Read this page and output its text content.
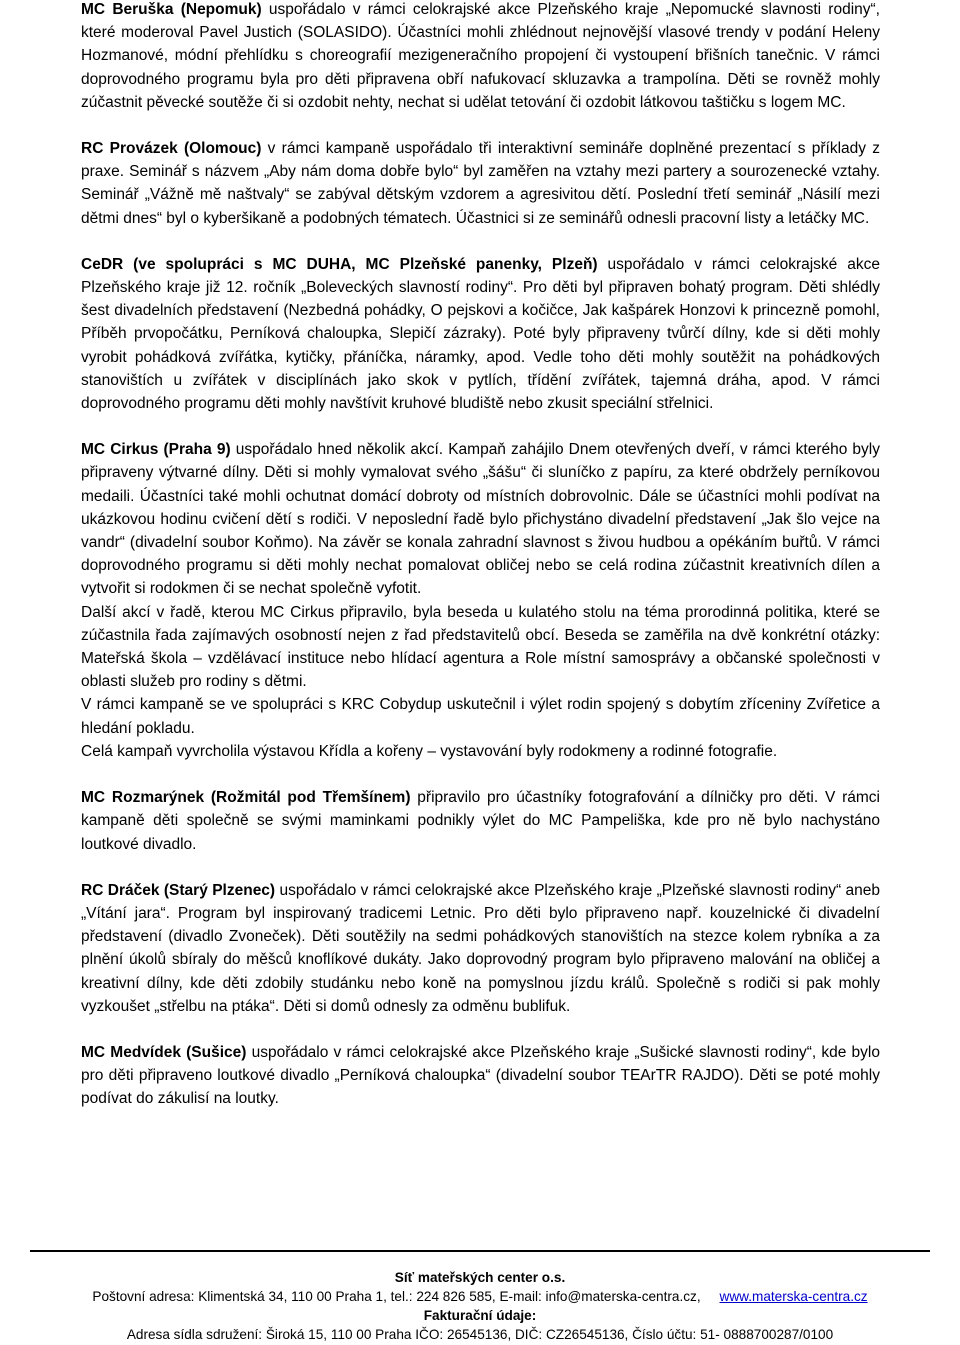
MC Beruška (Nepomuk) uspořádalo v rámci celokrajské akce Plzeňského kraje „Nepomucké slavnosti rodiny“, které moderoval Pavel Justich (SOLASIDO). Účastníci mohli zhlédnout nejnovější vlasové trendy v podání Heleny Hozmanové, módní přehlídku s choreografií mezigeneračního propojení či vystoupení břišních tanečnic. V rámci doprovodného programu byla pro děti připravena obří nafukovací skluzavka a trampolína. Děti se rovněž mohly zúčastnit pěvecké soutěže či si ozdobit nehty, nechat si udělat tetování či ozdobit látkovou taštičku s logem MC.

RC Provázek (Olomouc) v rámci kampaně uspořádalo tři interaktivní semináře doplněné prezentací s příklady z praxe. Seminář s názvem „Aby nám doma dobře bylo“ byl zaměřen na vztahy mezi partery a sourozenecké vztahy. Seminář „Vážně mě naštvaly“ se zabýval dětským vzdorem a agresivitou dětí. Poslední třetí seminář „Násilí mezi dětmi dnes“ byl o kyberšikaně a podobných tématech. Účastnici si ze seminářů odnesli pracovní listy a letáčky MC.

CeDR (ve spolupráci s MC DUHA, MC Plzeňské panenky, Plzeň) uspořádalo v rámci celokrajské akce Plzeňského kraje již 12. ročník „Boleveckých slavností rodiny“. Pro děti byl připraven bohatý program. Děti shlédly šest divadelních představení (Nezbedná pohádky, O pejskovi a kočičce, Jak kašpárek Honzovi k princezně pomohl, Příběh prvopočátku, Perníková chaloupka, Slepičí zázraky). Poté byly připraveny tvůrčí dílny, kde si děti mohly vyrobit pohádková zvířátka, kytičky, přáníčka, náramky, apod. Vedle toho děti mohly soutěžit na pohádkových stanovištích u zvířátek v disciplínách jako skok v pytlích, třídění zvířátek, tajemná dráha, apod. V rámci doprovodného programu děti mohly navštívit kruhové bludiště nebo zkusit speciální střelnici.

MC Cirkus (Praha 9) uspořádalo hned několik akcí. Kampaň zahájilo Dnem otevřených dveří, v rámci kterého byly připraveny výtvarné dílny. Děti si mohly vymalovat svého „šášu“ či sluníčko z papíru, za které obdržely perníkovou medaili. Účastníci také mohli ochutnat domácí dobroty od místních dobrovolnic. Dále se účastníci mohli podívat na ukázkovou hodinu cvičení dětí s rodiči. V neposlední řadě bylo přichystáno divadelní představení „Jak šlo vejce na vandr“ (divadelní soubor Koňmo). Na závěr se konala zahradní slavnost s živou hudbou a opékáním buřtů. V rámci doprovodného programu si děti mohly nechat pomalovat obličej nebo se celá rodina zúčastnit kreativních dílen a vytvořit si rodokmen či se nechat společně vyfotit.

Další akcí v řadě, kterou MC Cirkus připravilo, byla beseda u kulatého stolu na téma prorodinná politika, které se zúčastnila řada zajímavých osobností nejen z řad představitelů obcí. Beseda se zaměřila na dvě konkrétní otázky: Mateřská škola – vzdělávací instituce nebo hlídací agentura a Role místní samosprávy a občanské společnosti v oblasti služeb pro rodiny s dětmi.

V rámci kampaně se ve spolupráci s KRC Cobydup uskutečnil i výlet rodin spojený s dobytím zříceniny Zvířetice a hledání pokladu.

Celá kampaň vyvrcholila výstavou Křídla a kořeny – vystavování byly rodokmeny a rodinné fotografie.

MC Rozmarýnek (Rožmitál pod Třemšínem) připravilo pro účastníky fotografování a dílničky pro děti. V rámci kampaně děti společně se svými maminkami podnikly výlet do MC Pampeliška, kde pro ně bylo nachystáno loutkové divadlo.

RC Dráček (Starý Plzenec) uspořádalo v rámci celokrajské akce Plzeňského kraje „Plzeňské slavnosti rodiny“ aneb „Vítání jara“. Program byl inspirovaný tradicemi Letnic. Pro děti bylo připraveno např. kouzelnické či divadelní představení (divadlo Zvoneček). Děti soutěžily na sedmi pohádkových stanovištích na stezce kolem rybníka a za plnění úkolů sbíraly do měšců knoflíkové dukáty. Jako doprovodný program bylo připraveno malování na obličej a kreativní dílny, kde děti zdobily studánku nebo koně na pomyslnou jízdu králů. Společně s rodiči si pak mohly vyzkoušet „střelbu na ptáka“. Děti si domů odnesly za odměnu bublifuk.

MC Medvídek (Sušice) uspořádalo v rámci celokrajské akce Plzeňského kraje „Sušické slavnosti rodiny“, kde bylo pro děti připraveno loutkové divadlo „Perníková chaloupka“ (divadelní soubor TEArTR RAJDO). Děti se poté mohly podívat do zákulisí na loutky.

Síť mateřských center o.s.
Poštovní adresa: Klimentská 34, 110 00 Praha 1, tel.: 224 826 585, E-mail: info@materska-centra.cz, www.materska-centra.cz
Fakturační údaje:
Adresa sídla sdružení: Široká 15, 110 00 Praha IČO: 26545136, DIČ: CZ26545136, Číslo účtu: 51- 0888700287/0100
